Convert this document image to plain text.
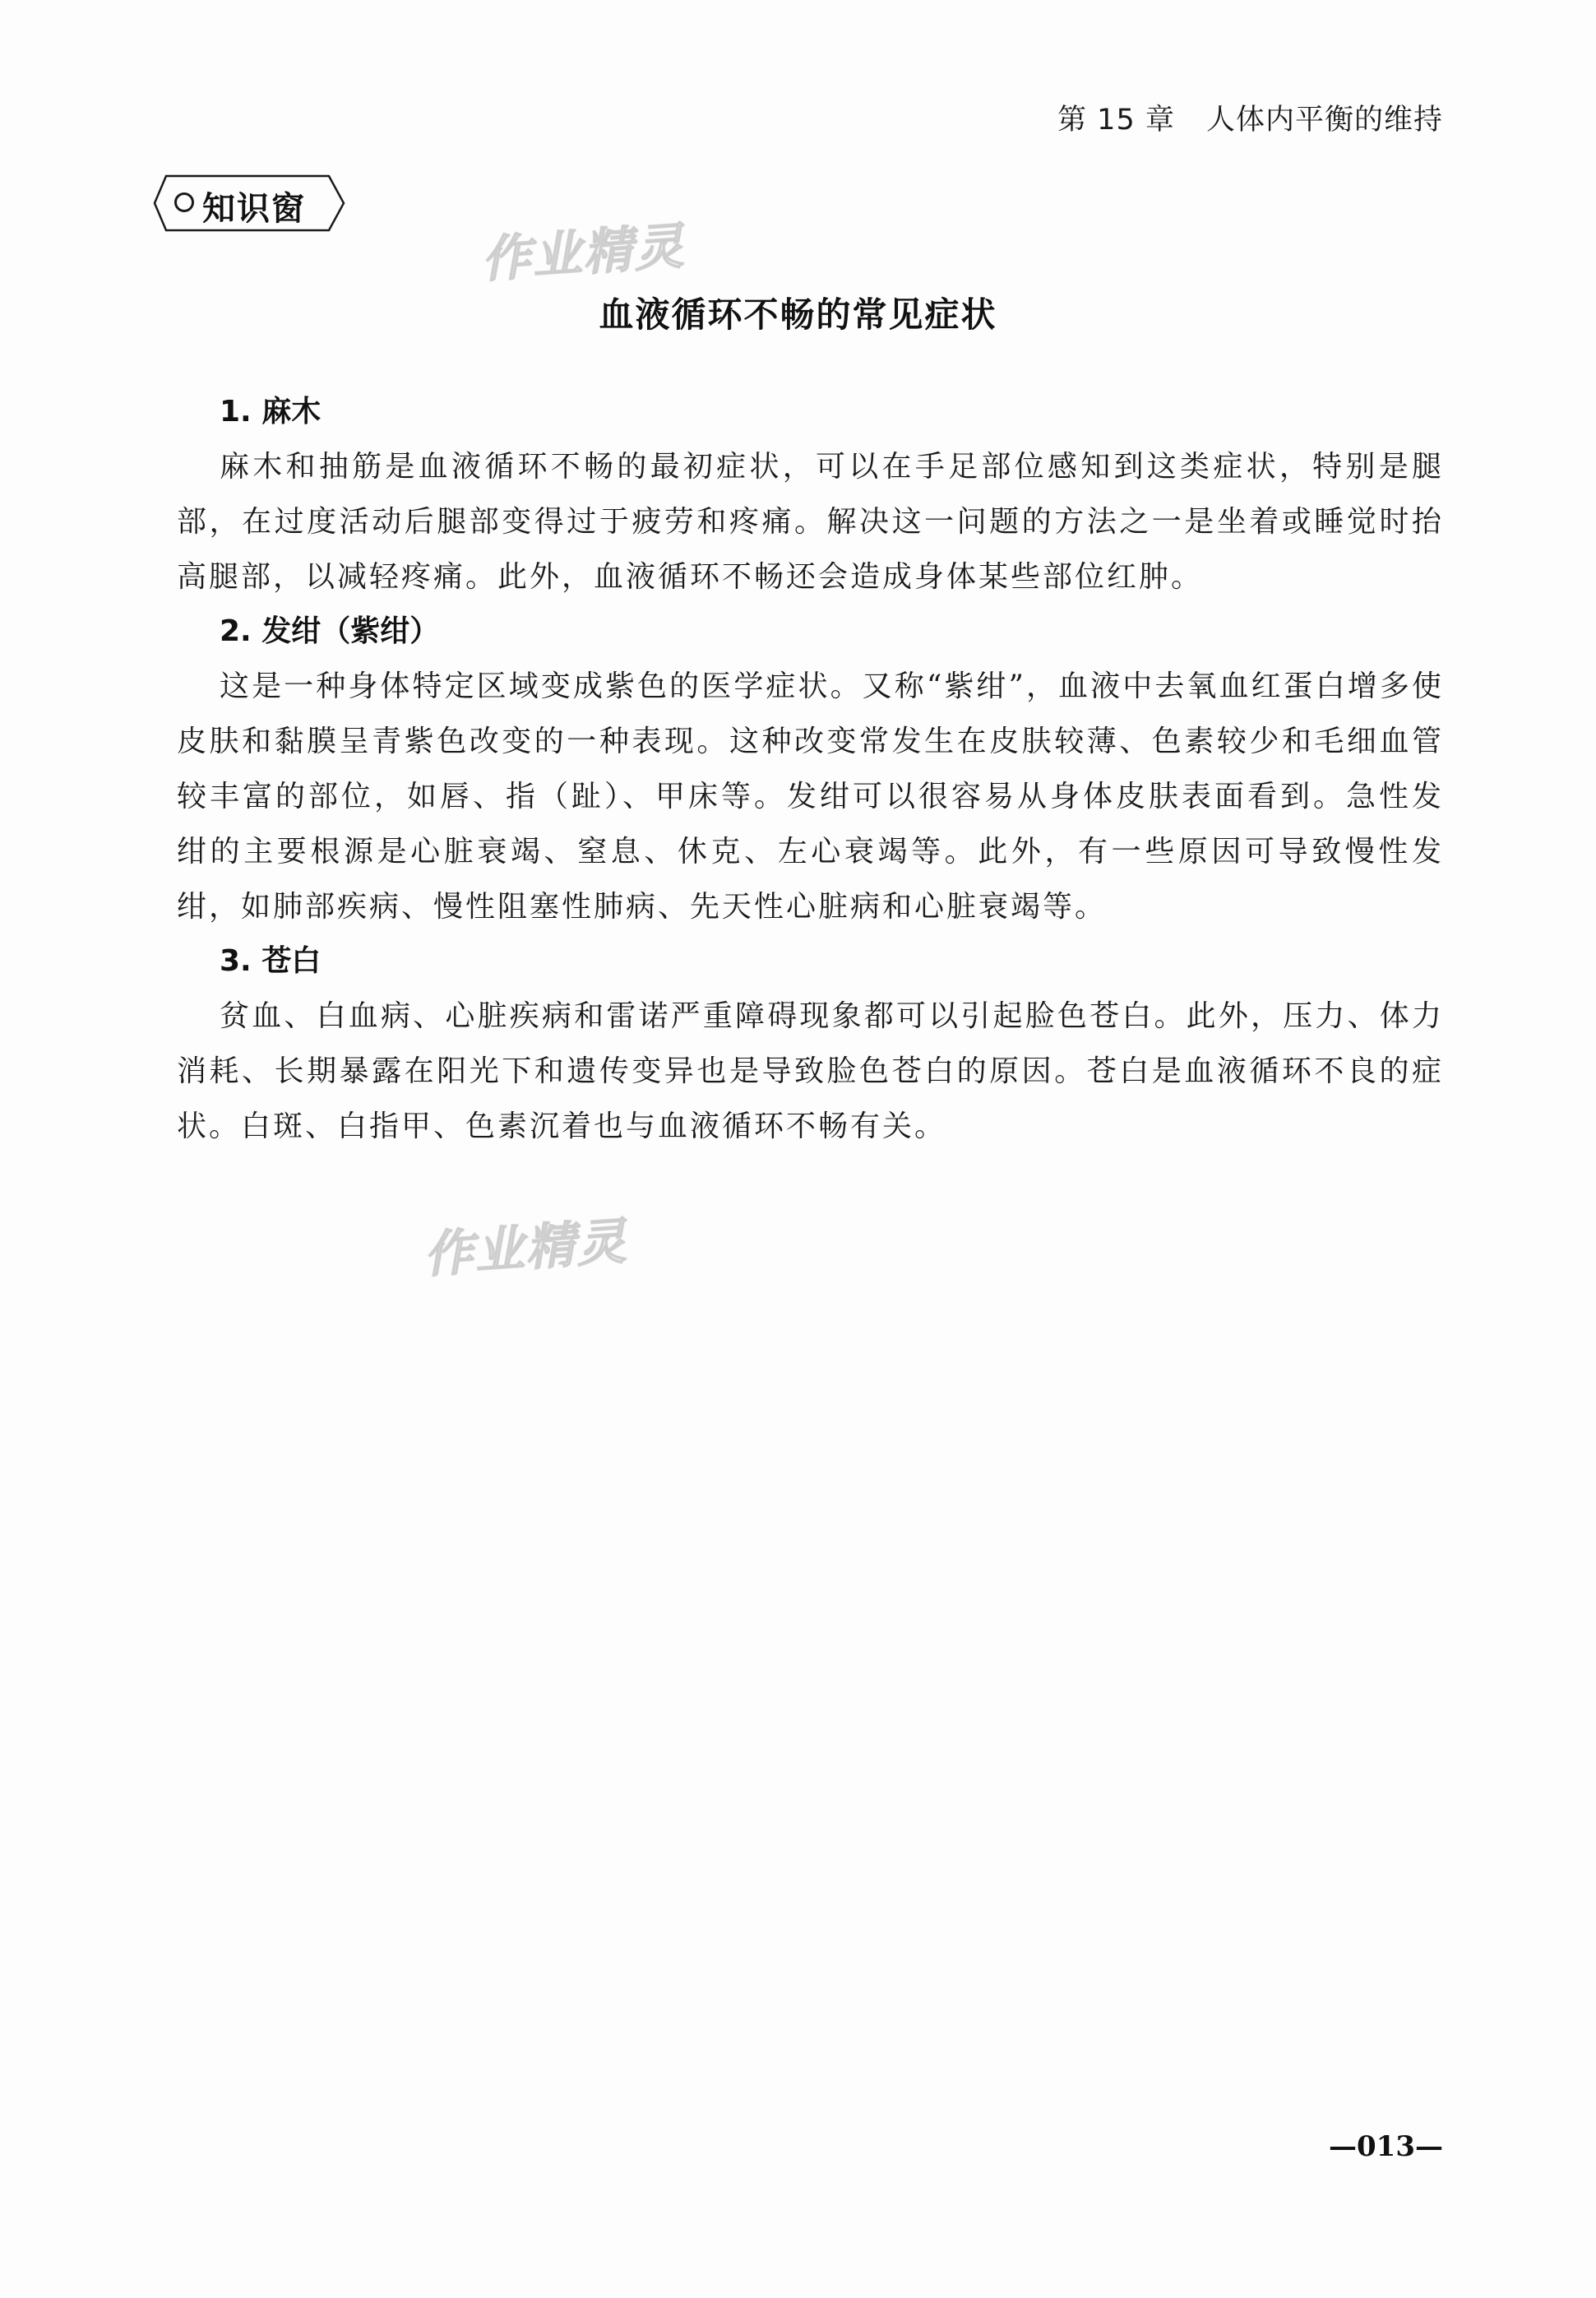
第 15 章 人体内平衡的维持
知识窗
作业精灵
作业精灵
血液循环不畅的常见症状
1. 麻木

麻木和抽筋是血液循环不畅的最初症状，可以在手足部位感知到这类症状，特别是腿部，在过度活动后腿部变得过于疲劳和疼痛。解决这一问题的方法之一是坐着或睡觉时抬高腿部，以减轻疼痛。此外，血液循环不畅还会造成身体某些部位红肿。

2. 发绀（紫绀）

这是一种身体特定区域变成紫色的医学症状。又称“紫绀”，血液中去氧血红蛋白增多使皮肤和黏膜呈青紫色改变的一种表现。这种改变常发生在皮肤较薄、色素较少和毛细血管较丰富的部位，如唇、指（趾）、甲床等。发绀可以很容易从身体皮肤表面看到。急性发绀的主要根源是心脏衰竭、窒息、休克、左心衰竭等。此外，有一些原因可导致慢性发绀，如肺部疾病、慢性阻塞性肺病、先天性心脏病和心脏衰竭等。

3. 苍白

贫血、白血病、心脏疾病和雷诺严重障碍现象都可以引起脸色苍白。此外，压力、体力消耗、长期暴露在阳光下和遗传变异也是导致脸色苍白的原因。苍白是血液循环不良的症状。白斑、白指甲、色素沉着也与血液循环不畅有关。

—013—
